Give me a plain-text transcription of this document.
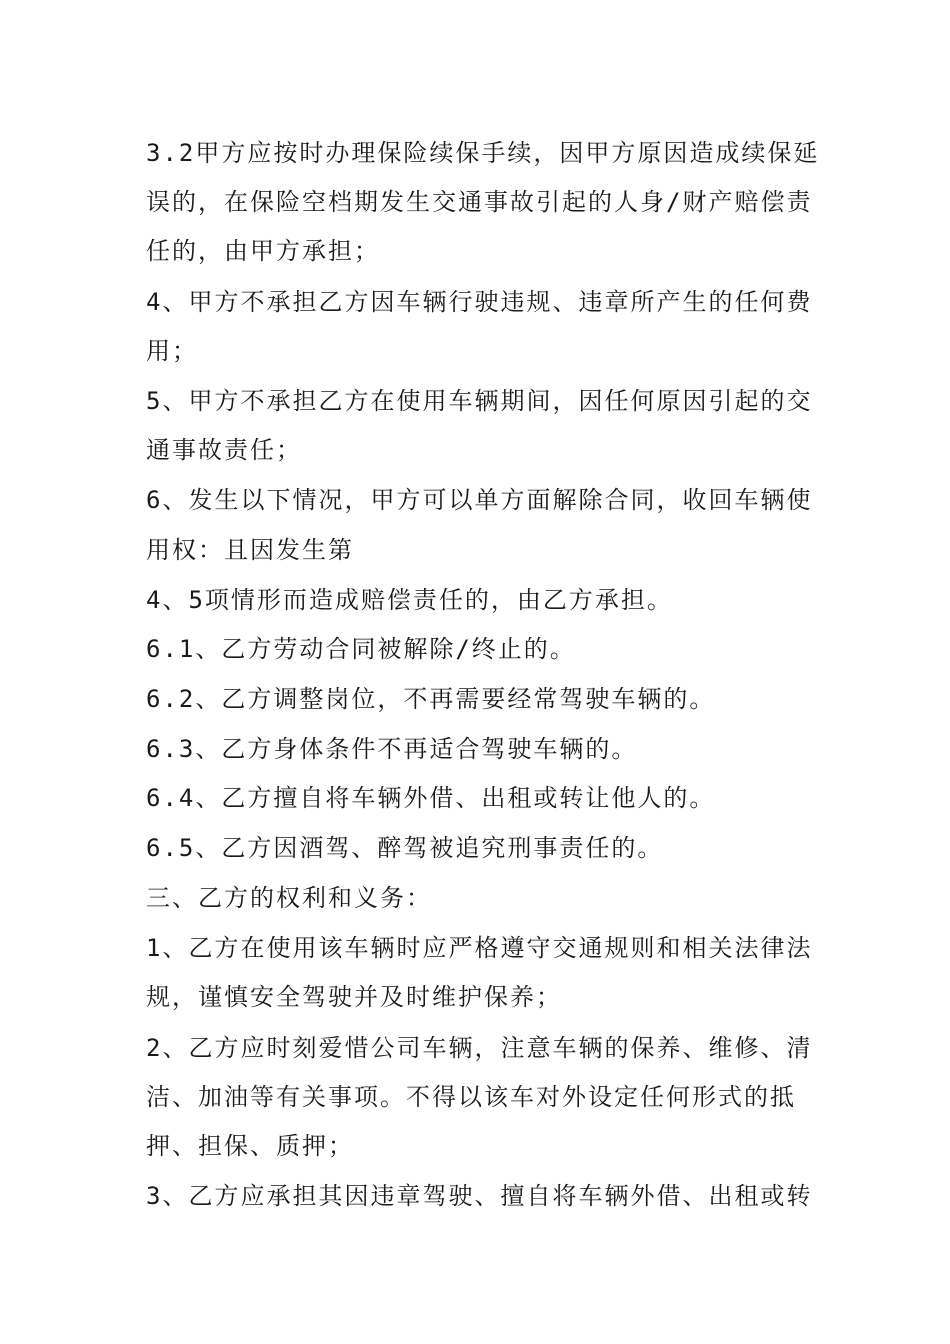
3.2甲方应按时办理保险续保手续，因甲方原因造成续保延
误的，在保险空档期发生交通事故引起的人身/财产赔偿责
任的，由甲方承担；
4、甲方不承担乙方因车辆行驶违规、违章所产生的任何费
用；
5、甲方不承担乙方在使用车辆期间，因任何原因引起的交
通事故责任；
6、发生以下情况，甲方可以单方面解除合同，收回车辆使
用权：且因发生第
4、5项情形而造成赔偿责任的，由乙方承担。
6.1、乙方劳动合同被解除/终止的。
6.2、乙方调整岗位，不再需要经常驾驶车辆的。
6.3、乙方身体条件不再适合驾驶车辆的。
6.4、乙方擅自将车辆外借、出租或转让他人的。
6.5、乙方因酒驾、醉驾被追究刑事责任的。
三、乙方的权利和义务：
1、乙方在使用该车辆时应严格遵守交通规则和相关法律法
规，谨慎安全驾驶并及时维护保养；
2、乙方应时刻爱惜公司车辆，注意车辆的保养、维修、清
洁、加油等有关事项。不得以该车对外设定任何形式的抵
押、担保、质押；
3、乙方应承担其因违章驾驶、擅自将车辆外借、出租或转
